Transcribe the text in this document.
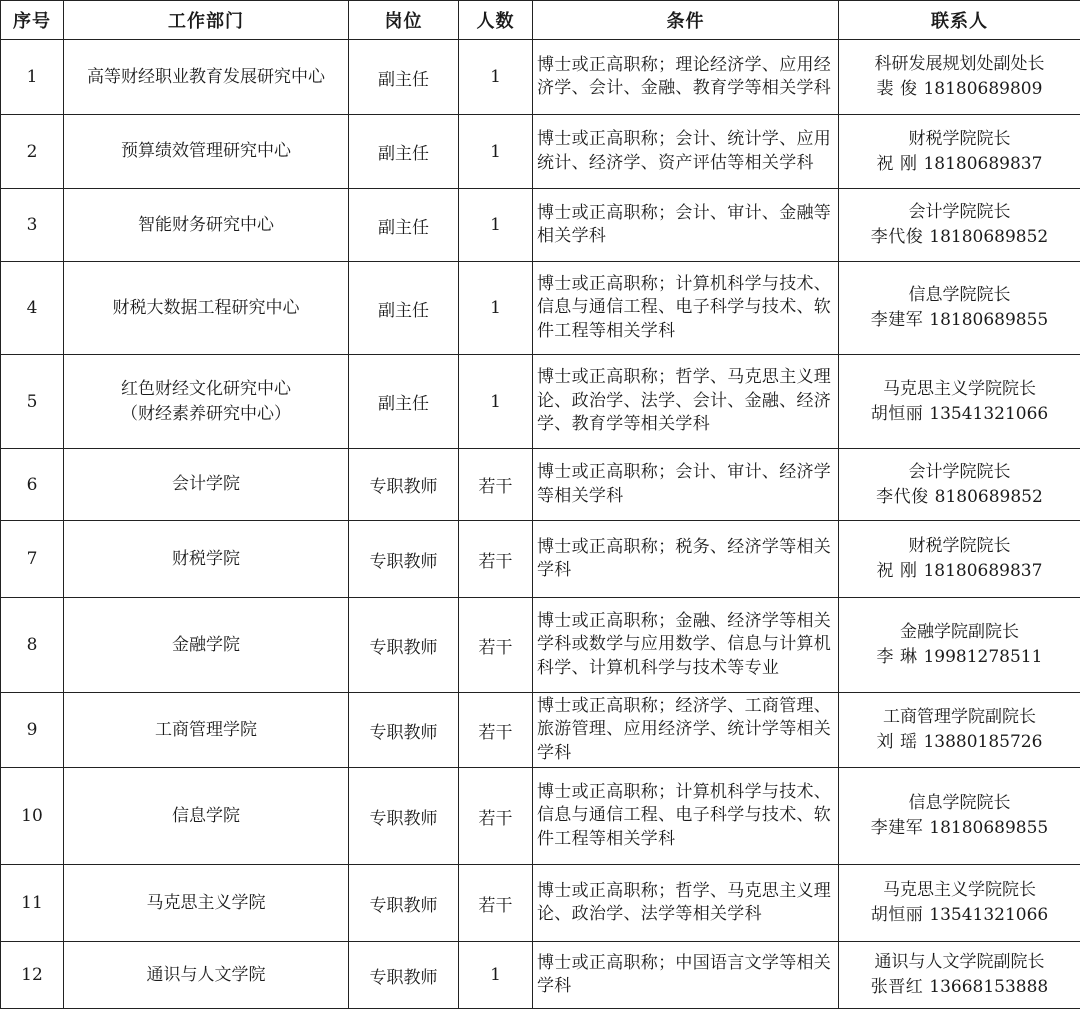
序号	工作部门	岗位	人数	条件	联系人
1	高等财经职业教育发展研究中心	副主任	1	博士或正高职称；理论经济学、应用经济学、会计、金融、教育学等相关学科	科研发展规划处副处长
裴 俊 18180689809

2	预算绩效管理研究中心	副主任	1	博士或正高职称；会计、统计学、应用统计、经济学、资产评估等相关学科	财税学院院长
祝 刚 18180689837

3	智能财务研究中心	副主任	1	博士或正高职称；会计、审计、金融等相关学科	会计学院院长
李代俊 18180689852

4	财税大数据工程研究中心	副主任	1	博士或正高职称；计算机科学与技术、信息与通信工程、电子科学与技术、软件工程等相关学科	信息学院院长
李建军 18180689855

5	红色财经文化研究中心
（财经素养研究中心）	副主任	1	博士或正高职称；哲学、马克思主义理论、政治学、法学、会计、金融、经济学、教育学等相关学科	马克思主义学院院长
胡恒丽 13541321066

6	会计学院	专职教师	若干	博士或正高职称；会计、审计、经济学等相关学科	会计学院院长
李代俊 8180689852

7	财税学院	专职教师	若干	博士或正高职称；税务、经济学等相关学科	财税学院院长
祝 刚 18180689837

8	金融学院	专职教师	若干	博士或正高职称；金融、经济学等相关学科或数学与应用数学、信息与计算机科学、计算机科学与技术等专业	金融学院副院长
李 琳 19981278511

9	工商管理学院	专职教师	若干	博士或正高职称；经济学、工商管理、旅游管理、应用经济学、统计学等相关学科	工商管理学院副院长
刘 瑶 13880185726

10	信息学院	专职教师	若干	博士或正高职称；计算机科学与技术、信息与通信工程、电子科学与技术、软件工程等相关学科	信息学院院长
李建军 18180689855

11	马克思主义学院	专职教师	若干	博士或正高职称；哲学、马克思主义理论、政治学、法学等相关学科	马克思主义学院院长
胡恒丽 13541321066

12	通识与人文学院	专职教师	1	博士或正高职称；中国语言文学等相关学科	通识与人文学院副院长
张晋红 13668153888
